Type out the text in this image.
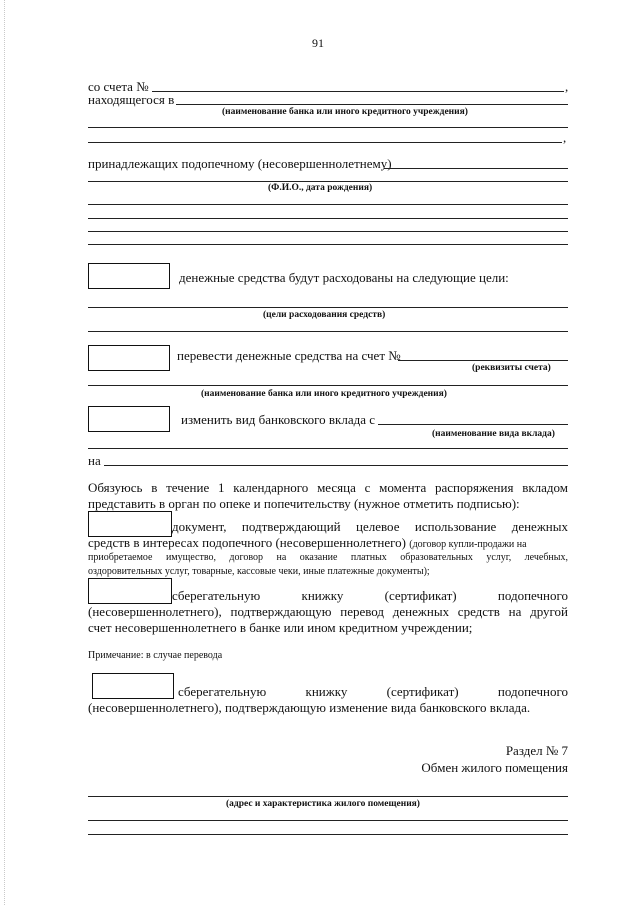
91
со счета №	,
находящегося в
(наименование банка или иного кредитного учреждения)
,
принадлежащих подопечному (несовершеннолетнему)
(Ф.И.О., дата рождения)
денежные средства будут расходованы на следующие цели:
(цели расходования средств)
перевести денежные средства на счет №
(реквизиты счета)
(наименование банка или иного кредитного учреждения)
изменить вид банковского вклада с
(наименование вида вклада)
на
Обязуюсь в течение 1 календарного месяца с момента распоряжения вкладом
представить в орган по опеке и попечительству (нужное отметить подписью):
документ, подтверждающий целевое использование денежных
средств в интересах подопечного (несовершеннолетнего) (договор купли-продажи на
приобретаемое имущество, договор на оказание платных образовательных услуг, лечебных,
оздоровительных услуг, товарные, кассовые чеки, иные платежные документы);
сберегательную книжку (сертификат) подопечного
(несовершеннолетнего), подтверждающую перевод денежных средств на другой
счет несовершеннолетнего в банке или ином кредитном учреждении;
Примечание: в случае перевода
сберегательную книжку (сертификат) подопечного
(несовершеннолетнего), подтверждающую изменение вида банковского вклада.
Раздел № 7
Обмен жилого помещения
(адрес и характеристика жилого помещения)
